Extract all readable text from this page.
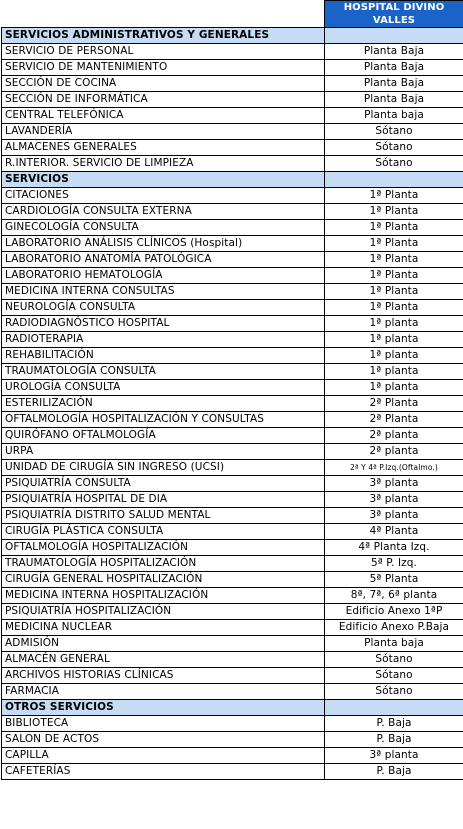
	HOSPITAL DIVINO VALLES
SERVICIOS ADMINISTRATIVOS Y GENERALES	
SERVICIO DE PERSONAL	Planta Baja
SERVICIO DE MANTENIMIENTO	Planta Baja
SECCIÓN DE COCINA	Planta Baja
SECCIÓN DE INFORMÁTICA	Planta Baja
CENTRAL TELEFÓNICA	Planta baja
LAVANDERÍA	Sótano
ALMACENES GENERALES	Sótano
R.INTERIOR. SERVICIO DE LIMPIEZA	Sótano
SERVICIOS	
CITACIONES	1ª Planta
CARDIOLOGÍA CONSULTA EXTERNA	1ª Planta
GINECOLOGÍA CONSULTA	1ª Planta
LABORATORIO ANÁLISIS CLÍNICOS (Hospital)	1ª Planta
LABORATORIO ANATOMÍA PATOLÓGICA	1ª Planta
LABORATORIO HEMATOLOGÍA	1ª Planta
MEDICINA INTERNA CONSULTAS	1ª Planta
NEUROLOGÍA CONSULTA	1ª Planta
RADIODIAGNÓSTICO HOSPITAL	1ª planta
RADIOTERAPIA	1ª planta
REHABILITACIÓN	1ª planta
TRAUMATOLOGÍA CONSULTA	1ª planta
UROLOGÍA CONSULTA	1ª planta
ESTERILIZACIÓN	2ª Planta
OFTALMOLOGÍA HOSPITALIZACIÓN Y CONSULTAS	2ª Planta
QUIRÓFANO OFTALMOLOGÍA	2ª planta
URPA	2ª planta
UNIDAD DE CIRUGÍA SIN INGRESO (UCSI)	2ª Y 4ª P.Izq.(Oftalmo.)
PSIQUIATRÍA CONSULTA	3ª planta
PSIQUIATRÍA HOSPITAL DE DIA	3ª planta
PSIQUIATRÍA DISTRITO SALUD MENTAL	3ª planta
CIRUGÍA PLÁSTICA CONSULTA	4ª Planta
OFTALMOLOGÍA HOSPITALIZACIÓN	4ª Planta Izq.
TRAUMATOLOGÍA HOSPITALIZACIÓN	5ª P. Izq.
CIRUGÍA GENERAL HOSPITALIZACIÓN	5ª Planta
MEDICINA INTERNA HOSPITALIZACIÓN	8ª, 7ª, 6ª planta
PSIQUIATRÍA HOSPITALIZACIÓN	Edificio Anexo 1ªP
MEDICINA NUCLEAR	Edificio Anexo P.Baja
ADMISIÓN	Planta baja
ALMACÉN GENERAL	Sótano
ARCHIVOS HISTORIAS CLÍNICAS	Sótano
FARMACIA	Sótano
OTROS SERVICIOS	
BIBLIOTECA	P. Baja
SALON DE ACTOS	P. Baja
CAPILLA	3ª planta
CAFETERÍAS	P. Baja
